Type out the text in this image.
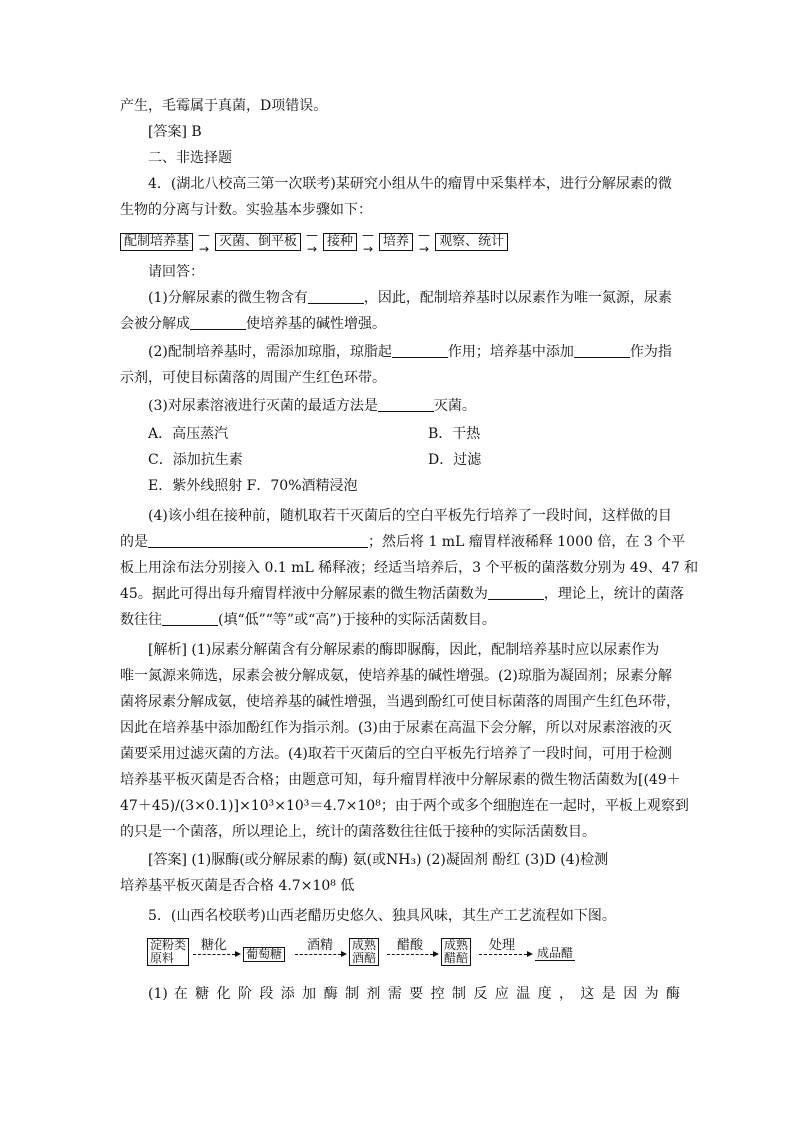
产生，毛霉属于真菌，D项错误。
[答案] B
二、非选择题
4．(湖北八校高三第一次联考)某研究小组从牛的瘤胃中采集样本，进行分解尿素的微
生物的分离与计数。实验基本步骤如下：
配制培养基 —→ 灭菌、倒平板 —→ 接种 —→ 培养 —→ 观察、统计
请回答：
(1)分解尿素的微生物含有	，因此，配制培养基时以尿素作为唯一氮源，尿素
会被分解成	使培养基的碱性增强。
(2)配制培养基时，需添加琼脂，琼脂起	作用；培养基中添加	作为指
示剂，可使目标菌落的周围产生红色环带。
(3)对尿素溶液进行灭菌的最适方法是	灭菌。
A．高压蒸汽	B．干热
C．添加抗生素	D．过滤
E．紫外线照射 F．70%酒精浸泡
(4)该小组在接种前，随机取若干灭菌后的空白平板先行培养了一段时间，这样做的目
的是	；然后将 1 mL 瘤胃样液稀释 1000 倍，在 3 个平
板上用涂布法分别接入 0.1 mL 稀释液；经适当培养后，3 个平板的菌落数分别为 49、47 和
45。据此可得出每升瘤胃样液中分解尿素的微生物活菌数为	，理论上，统计的菌落
数往往	(填“低”“等”或“高”)于接种的实际活菌数目。
[解析] (1)尿素分解菌含有分解尿素的酶即脲酶，因此，配制培养基时应以尿素作为
唯一氮源来筛选，尿素会被分解成氨，使培养基的碱性增强。(2)琼脂为凝固剂；尿素分解
菌将尿素分解成氨，使培养基的碱性增强，当遇到酚红可使目标菌落的周围产生红色环带，
因此在培养基中添加酚红作为指示剂。(3)由于尿素在高温下会分解，所以对尿素溶液的灭
菌要采用过滤灭菌的方法。(4)取若干灭菌后的空白平板先行培养了一段时间，可用于检测
培养基平板灭菌是否合格；由题意可知，每升瘤胃样液中分解尿素的微生物活菌数为[(49＋
47＋45)/(3×0.1)]×10³×10³＝4.7×10⁸；由于两个或多个细胞连在一起时，平板上观察到
的只是一个菌落，所以理论上，统计的菌落数往往低于接种的实际活菌数目。
[答案] (1)脲酶(或分解尿素的酶) 氨(或NH₃) (2)凝固剂 酚红 (3)D (4)检测
培养基平板灭菌是否合格 4.7×10⁸ 低
5．(山西名校联考)山西老醋历史悠久、独具风味，其生产工艺流程如下图。
淀粉类
原料
糖化
葡萄糖
酒精 成熟
酒醅
醋酸 成熟
醋醅
处理 成品醋
(1) 在 糖 化 阶 段 添 加 酶 制 剂 需 要 控 制 反 应 温 度 ， 这 是 因 为 酶
